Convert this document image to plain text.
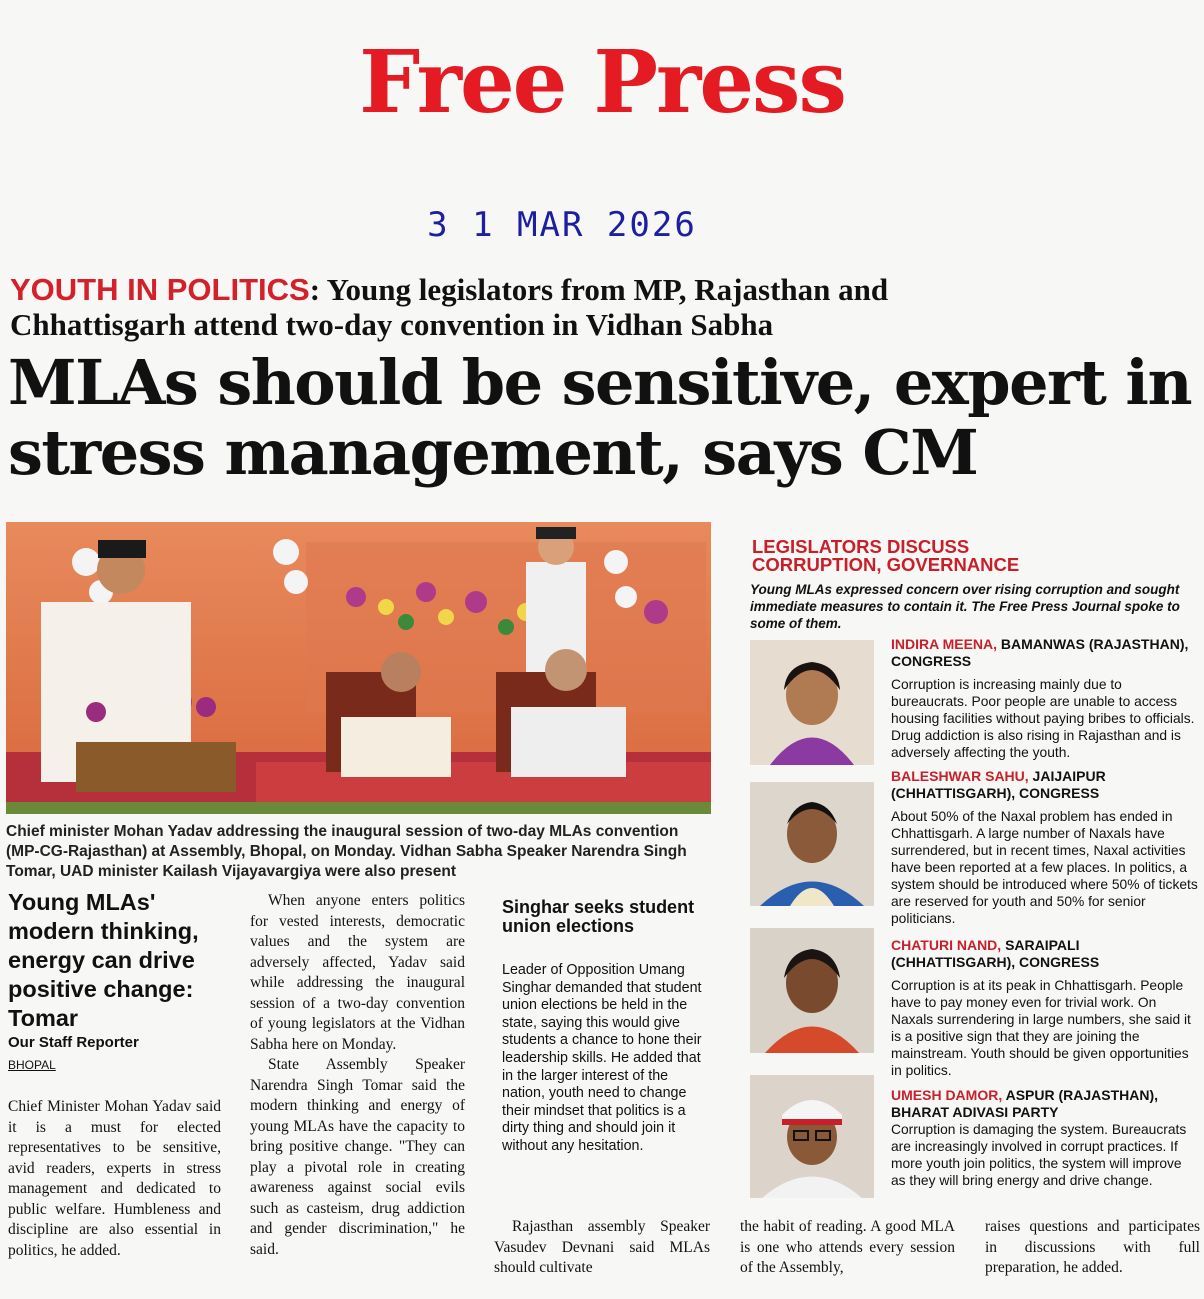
Free Press
3 1 MAR 2026
YOUTH IN POLITICS: Young legislators from MP, Rajasthan and Chhattisgarh attend two-day convention in Vidhan Sabha
MLAs should be sensitive, expert in stress management, says CM
Chief minister Mohan Yadav addressing the inaugural session of two-day MLAs convention (MP-CG-Rajasthan) at Assembly, Bhopal, on Monday. Vidhan Sabha Speaker Narendra Singh Tomar, UAD minister Kailash Vijayavargiya were also present
Young MLAs' modern thinking, energy can drive positive change: Tomar
Our Staff Reporter
BHOPAL

Chief Minister Mohan Yadav said it is a must for elected representatives to be sensitive, avid readers, experts in stress management and dedicated to public welfare. Humbleness and discipline are also essential in politics, he added.

When anyone enters politics for vested interests, democratic values and the system are adversely affected, Yadav said while addressing the inaugural session of a two-day convention of young legislators at the Vidhan Sabha here on Monday.

State Assembly Speaker Narendra Singh Tomar said the modern thinking and energy of young MLAs have the capacity to bring positive change. "They can play a pivotal role in creating awareness against social evils such as casteism, drug addiction and gender discrimination," he said.

Singhar seeks student union elections
Leader of Opposition Umang Singhar demanded that student union elections be held in the state, saying this would give students a chance to hone their leadership skills. He added that in the larger interest of the nation, youth need to change their mindset that politics is a dirty thing and should join it without any hesitation.

Rajasthan assembly Speaker Vasudev Devnani said MLAs should cultivate

the habit of reading. A good MLA is one who attends every session of the Assembly,

raises questions and participates in discussions with full preparation, he added.

LEGISLATORS DISCUSS
CORRUPTION, GOVERNANCE
Young MLAs expressed concern over rising corruption and sought immediate measures to contain it. The Free Press Journal spoke to some of them.
INDIRA MEENA, BAMANWAS (RAJASTHAN), CONGRESS
Corruption is increasing mainly due to bureaucrats. Poor people are unable to access housing facilities without paying bribes to officials. Drug addiction is also rising in Rajasthan and is adversely affecting the youth.
BALESHWAR SAHU, JAIJAIPUR (CHHATTISGARH), CONGRESS
About 50% of the Naxal problem has ended in Chhattisgarh. A large number of Naxals have surrendered, but in recent times, Naxal activities have been reported at a few places. In politics, a system should be introduced where 50% of tickets are reserved for youth and 50% for senior politicians.
CHATURI NAND, SARAIPALI (CHHATTISGARH), CONGRESS
Corruption is at its peak in Chhattisgarh. People have to pay money even for trivial work. On Naxals surrendering in large numbers, she said it is a positive sign that they are joining the mainstream. Youth should be given opportunities in politics.
UMESH DAMOR, ASPUR (RAJASTHAN), BHARAT ADIVASI PARTY
Corruption is damaging the system. Bureaucrats are increasingly involved in corrupt practices. If more youth join politics, the system will improve as they will bring energy and drive change.
